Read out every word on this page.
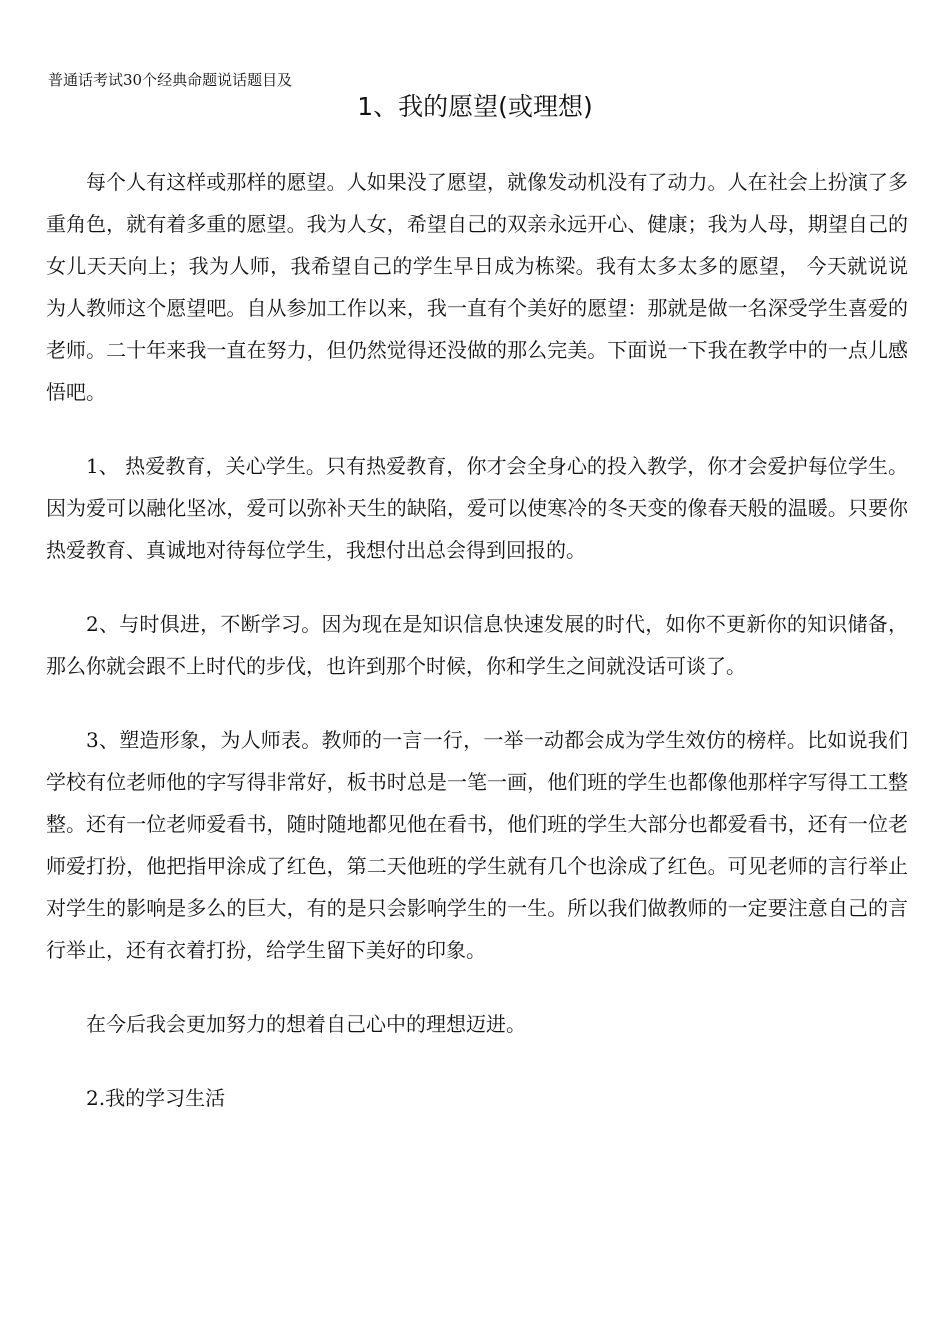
普通话考试30个经典命题说话题目及
1、我的愿望(或理想)

每个人有这样或那样的愿望。人如果没了愿望，就像发动机没有了动力。人在社会上扮演了多重角色，就有着多重的愿望。我为人女，希望自己的双亲永远开心、健康；我为人母，期望自己的女儿天天向上；我为人师，我希望自己的学生早日成为栋梁。我有太多太多的愿望， 今天就说说为人教师这个愿望吧。自从参加工作以来，我一直有个美好的愿望：那就是做一名深受学生喜爱的老师。二十年来我一直在努力，但仍然觉得还没做的那么完美。下面说一下我在教学中的一点儿感悟吧。

1、 热爱教育，关心学生。只有热爱教育，你才会全身心的投入教学，你才会爱护每位学生。因为爱可以融化坚冰，爱可以弥补天生的缺陷，爱可以使寒冷的冬天变的像春天般的温暖。只要你热爱教育、真诚地对待每位学生，我想付出总会得到回报的。

2、与时俱进，不断学习。因为现在是知识信息快速发展的时代，如你不更新你的知识储备，那么你就会跟不上时代的步伐，也许到那个时候，你和学生之间就没话可谈了。

3、塑造形象，为人师表。教师的一言一行，一举一动都会成为学生效仿的榜样。比如说我们学校有位老师他的字写得非常好，板书时总是一笔一画，他们班的学生也都像他那样字写得工工整整。还有一位老师爱看书，随时随地都见他在看书，他们班的学生大部分也都爱看书，还有一位老师爱打扮，他把指甲涂成了红色，第二天他班的学生就有几个也涂成了红色。可见老师的言行举止对学生的影响是多么的巨大，有的是只会影响学生的一生。所以我们做教师的一定要注意自己的言行举止，还有衣着打扮，给学生留下美好的印象。

在今后我会更加努力的想着自己心中的理想迈进。

2.我的学习生活
